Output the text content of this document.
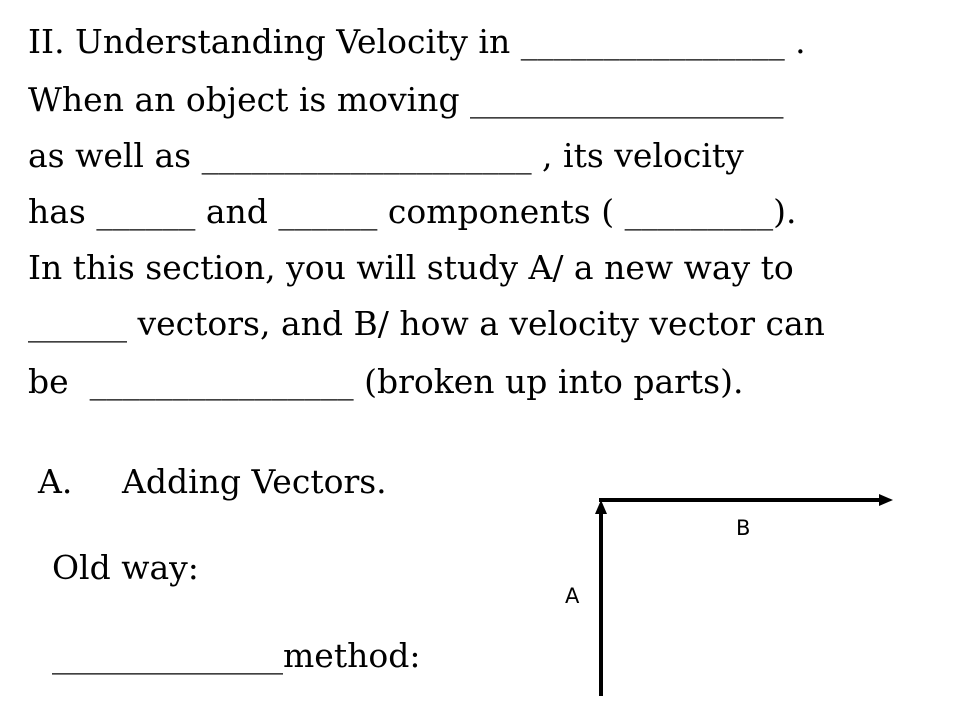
II. Understanding Velocity in ________________ .

When an object is moving ___________________

as well as ____________________ , its velocity

has ______ and ______ components ( _________).

In this section, you will study A/ a new way to

______ vectors, and B/ how a velocity vector can

be  ________________ (broken up into parts).

A. Adding Vectors.

Old way:

______________method:

B
A
